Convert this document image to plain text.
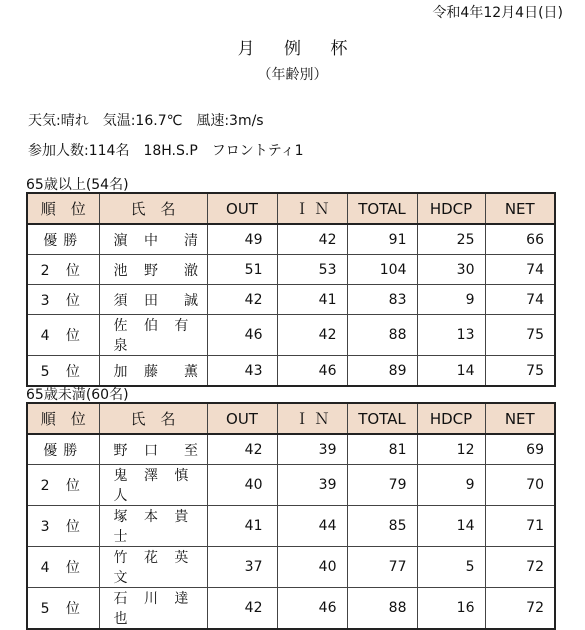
令和4年12月4日(日)
月 例 杯
（年齢別）
天気:晴れ　気温:16.7℃　風速:3m/s
参加人数:114名　18H.S.P　フロントティ1
65歳以上(54名)
順　位	氏　名	OUT	Ｉ Ｎ	TOTAL	HDCP	NET
優勝	濵 中　清	49	42	91	25	66
2 位	池 野　澈	51	53	104	30	74
3 位	須 田　誠	42	41	83	9	74
4 位	佐 伯 有 泉	46	42	88	13	75
5 位	加 藤　薫	43	46	89	14	75
65歳未満(60名)
順　位	氏　名	OUT	Ｉ Ｎ	TOTAL	HDCP	NET
優勝	野 口　至	42	39	81	12	69
2 位	鬼 澤 慎 人	40	39	79	9	70
3 位	塚 本 貴 士	41	44	85	14	71
4 位	竹 花 英 文	37	40	77	5	72
5 位	石 川 達 也	42	46	88	16	72
